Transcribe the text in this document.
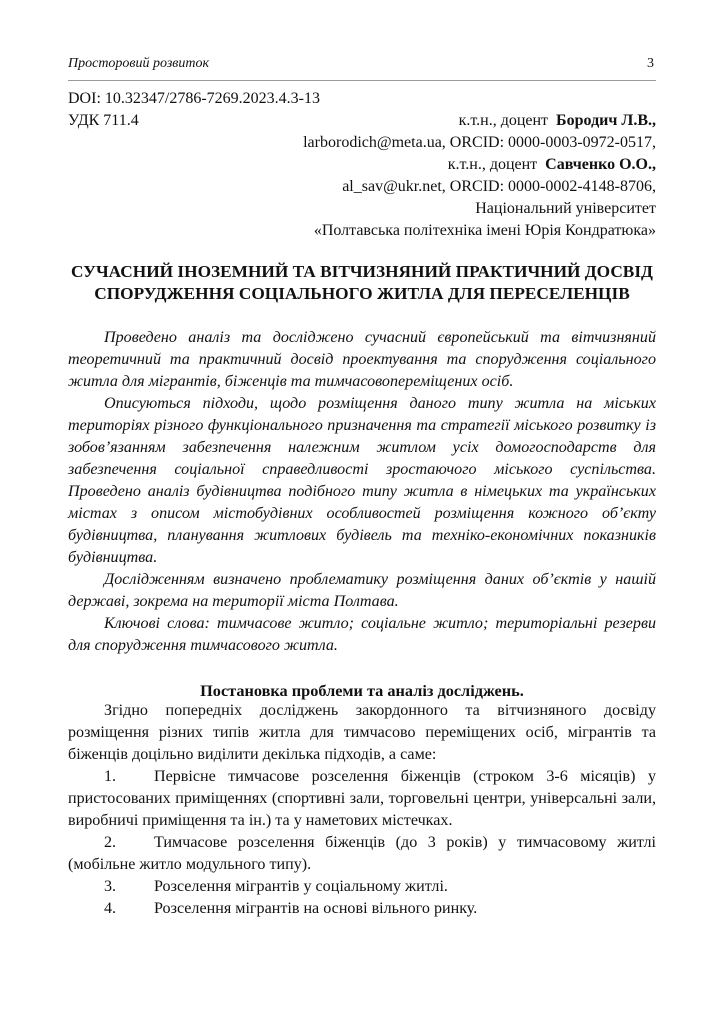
Просторовий розвиток	3
DOI: 10.32347/2786-7269.2023.4.3-13
УДК 711.4	к.т.н., доцент Бородич Л.В.,
larborodich@meta.ua, ORCID: 0000-0003-0972-0517,
к.т.н., доцент Савченко О.О.,
al_sav@ukr.net, ORCID: 0000-0002-4148-8706,
Національний університет
«Полтавська політехніка імені Юрія Кондратюка»
СУЧАСНИЙ ІНОЗЕМНИЙ ТА ВІТЧИЗНЯНИЙ ПРАКТИЧНИЙ ДОСВІД
СПОРУДЖЕННЯ СОЦІАЛЬНОГО ЖИТЛА ДЛЯ ПЕРЕСЕЛЕНЦІВ

Проведено аналіз та досліджено сучасний європейський та вітчизняний теоретичний та практичний досвід проектування та спорудження соціального житла для мігрантів, біженців та тимчасовопереміщених осіб.

Описуються підходи, щодо розміщення даного типу житла на міських територіях різного функціонального призначення та стратегії міського розвитку із зобов’язанням забезпечення належним житлом усіх домогосподарств для забезпечення соціальної справедливості зростаючого міського суспільства. Проведено аналіз будівництва подібного типу житла в німецьких та українських містах з описом містобудівних особливостей розміщення кожного об’єкту будівництва, планування житлових будівель та техніко-економічних показників будівництва.

Дослідженням визначено проблематику розміщення даних об’єктів у нашій державі, зокрема на території міста Полтава.

Ключові слова: тимчасове житло; соціальне житло; територіальні резерви для спорудження тимчасового житла.

Постановка проблеми та аналіз досліджень.

Згідно попередніх досліджень закордонного та вітчизняного досвіду розміщення різних типів житла для тимчасово переміщених осіб, мігрантів та біженців доцільно виділити декілька підходів, а саме:

1. Первісне тимчасове розселення біженців (строком 3-6 місяців) у пристосованих приміщеннях (спортивні зали, торговельні центри, універсальні зали, виробничі приміщення та ін.) та у наметових містечках.

2. Тимчасове розселення біженців (до 3 років) у тимчасовому житлі (мобільне житло модульного типу).

3. Розселення мігрантів у соціальному житлі.

4. Розселення мігрантів на основі вільного ринку.
